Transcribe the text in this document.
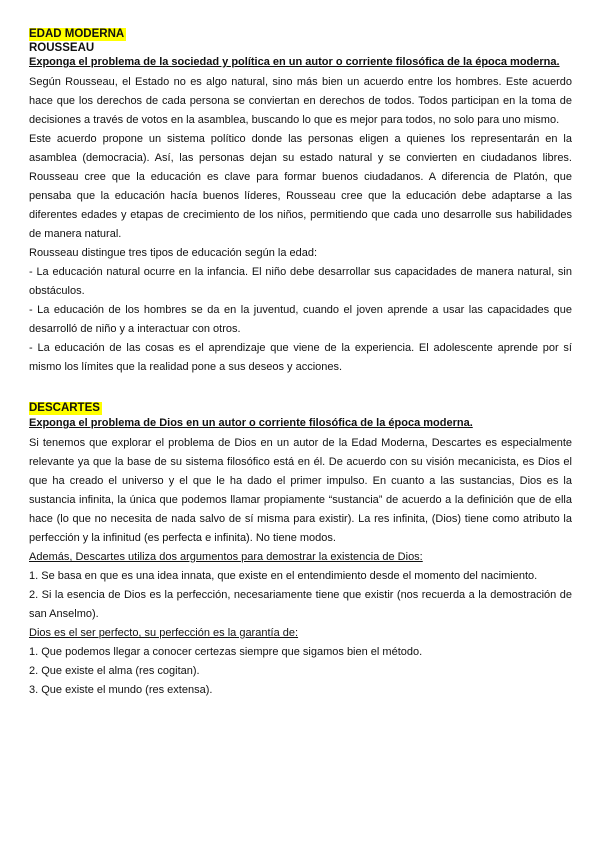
EDAD MODERNA
ROUSSEAU
Exponga el problema de la sociedad y política en un autor o corriente filosófica de la época moderna.

Según Rousseau, el Estado no es algo natural, sino más bien un acuerdo entre los hombres. Este acuerdo hace que los derechos de cada persona se conviertan en derechos de todos. Todos participan en la toma de decisiones a través de votos en la asamblea, buscando lo que es mejor para todos, no solo para uno mismo.

Este acuerdo propone un sistema político donde las personas eligen a quienes los representarán en la asamblea (democracia). Así, las personas dejan su estado natural y se convierten en ciudadanos libres. Rousseau cree que la educación es clave para formar buenos ciudadanos. A diferencia de Platón, que pensaba que la educación hacía buenos líderes, Rousseau cree que la educación debe adaptarse a las diferentes edades y etapas de crecimiento de los niños, permitiendo que cada uno desarrolle sus habilidades de manera natural.

Rousseau distingue tres tipos de educación según la edad:

- La educación natural ocurre en la infancia. El niño debe desarrollar sus capacidades de manera natural, sin obstáculos.

- La educación de los hombres se da en la juventud, cuando el joven aprende a usar las capacidades que desarrolló de niño y a interactuar con otros.

- La educación de las cosas es el aprendizaje que viene de la experiencia. El adolescente aprende por sí mismo los límites que la realidad pone a sus deseos y acciones.

DESCARTES
Exponga el problema de Dios en un autor o corriente filosófica de la época moderna.

Si tenemos que explorar el problema de Dios en un autor de la Edad Moderna, Descartes es especialmente relevante ya que la base de su sistema filosófico está en él. De acuerdo con su visión mecanicista, es Dios el que ha creado el universo y el que le ha dado el primer impulso. En cuanto a las sustancias, Dios es la sustancia infinita, la única que podemos llamar propiamente “sustancia” de acuerdo a la definición que de ella hace (lo que no necesita de nada salvo de sí misma para existir). La res infinita, (Dios) tiene como atributo la perfección y la infinitud (es perfecta e infinita). No tiene modos.

Además, Descartes utiliza dos argumentos para demostrar la existencia de Dios:

1. Se basa en que es una idea innata, que existe en el entendimiento desde el momento del nacimiento.

2. Si la esencia de Dios es la perfección, necesariamente tiene que existir (nos recuerda a la demostración de san Anselmo).

Dios es el ser perfecto, su perfección es la garantía de:

1. Que podemos llegar a conocer certezas siempre que sigamos bien el método.

2. Que existe el alma (res cogitan).

3. Que existe el mundo (res extensa).
